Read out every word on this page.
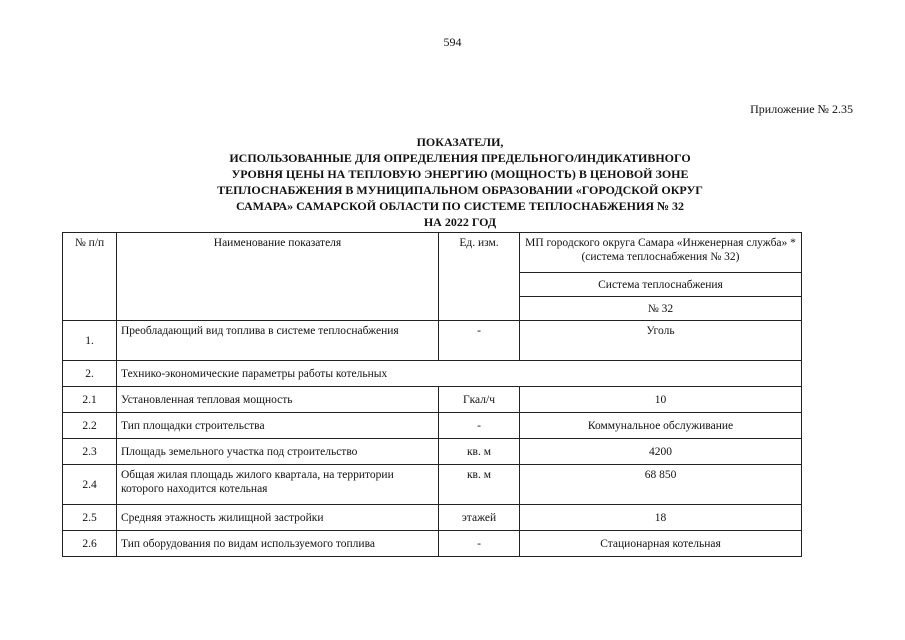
594
Приложение № 2.35
ПОКАЗАТЕЛИ,
ИСПОЛЬЗОВАННЫЕ ДЛЯ ОПРЕДЕЛЕНИЯ ПРЕДЕЛЬНОГО/ИНДИКАТИВНОГО
УРОВНЯ ЦЕНЫ НА ТЕПЛОВУЮ ЭНЕРГИЮ (МОЩНОСТЬ) В ЦЕНОВОЙ ЗОНЕ
ТЕПЛОСНАБЖЕНИЯ В МУНИЦИПАЛЬНОМ ОБРАЗОВАНИИ «ГОРОДСКОЙ ОКРУГ
САМАРА» САМАРСКОЙ ОБЛАСТИ ПО СИСТЕМЕ ТЕПЛОСНАБЖЕНИЯ № 32
НА 2022 ГОД
№ п/п	Наименование показателя	Ед. изм.	МП городского округа Самара «Инженерная служба» * (система теплоснабжения № 32)
			Система теплоснабжения
			№ 32
1.	Преобладающий вид топлива в системе теплоснабжения	-	Уголь
2.	Технико-экономические параметры работы котельных		
2.1	Установленная тепловая мощность	Гкал/ч	10
2.2	Тип площадки строительства	-	Коммунальное обслуживание
2.3	Площадь земельного участка под строительство	кв. м	4200
2.4	Общая жилая площадь жилого квартала, на территории которого находится котельная	кв. м	68 850
2.5	Средняя этажность жилищной застройки	этажей	18
2.6	Тип оборудования по видам используемого топлива	-	Стационарная котельная
